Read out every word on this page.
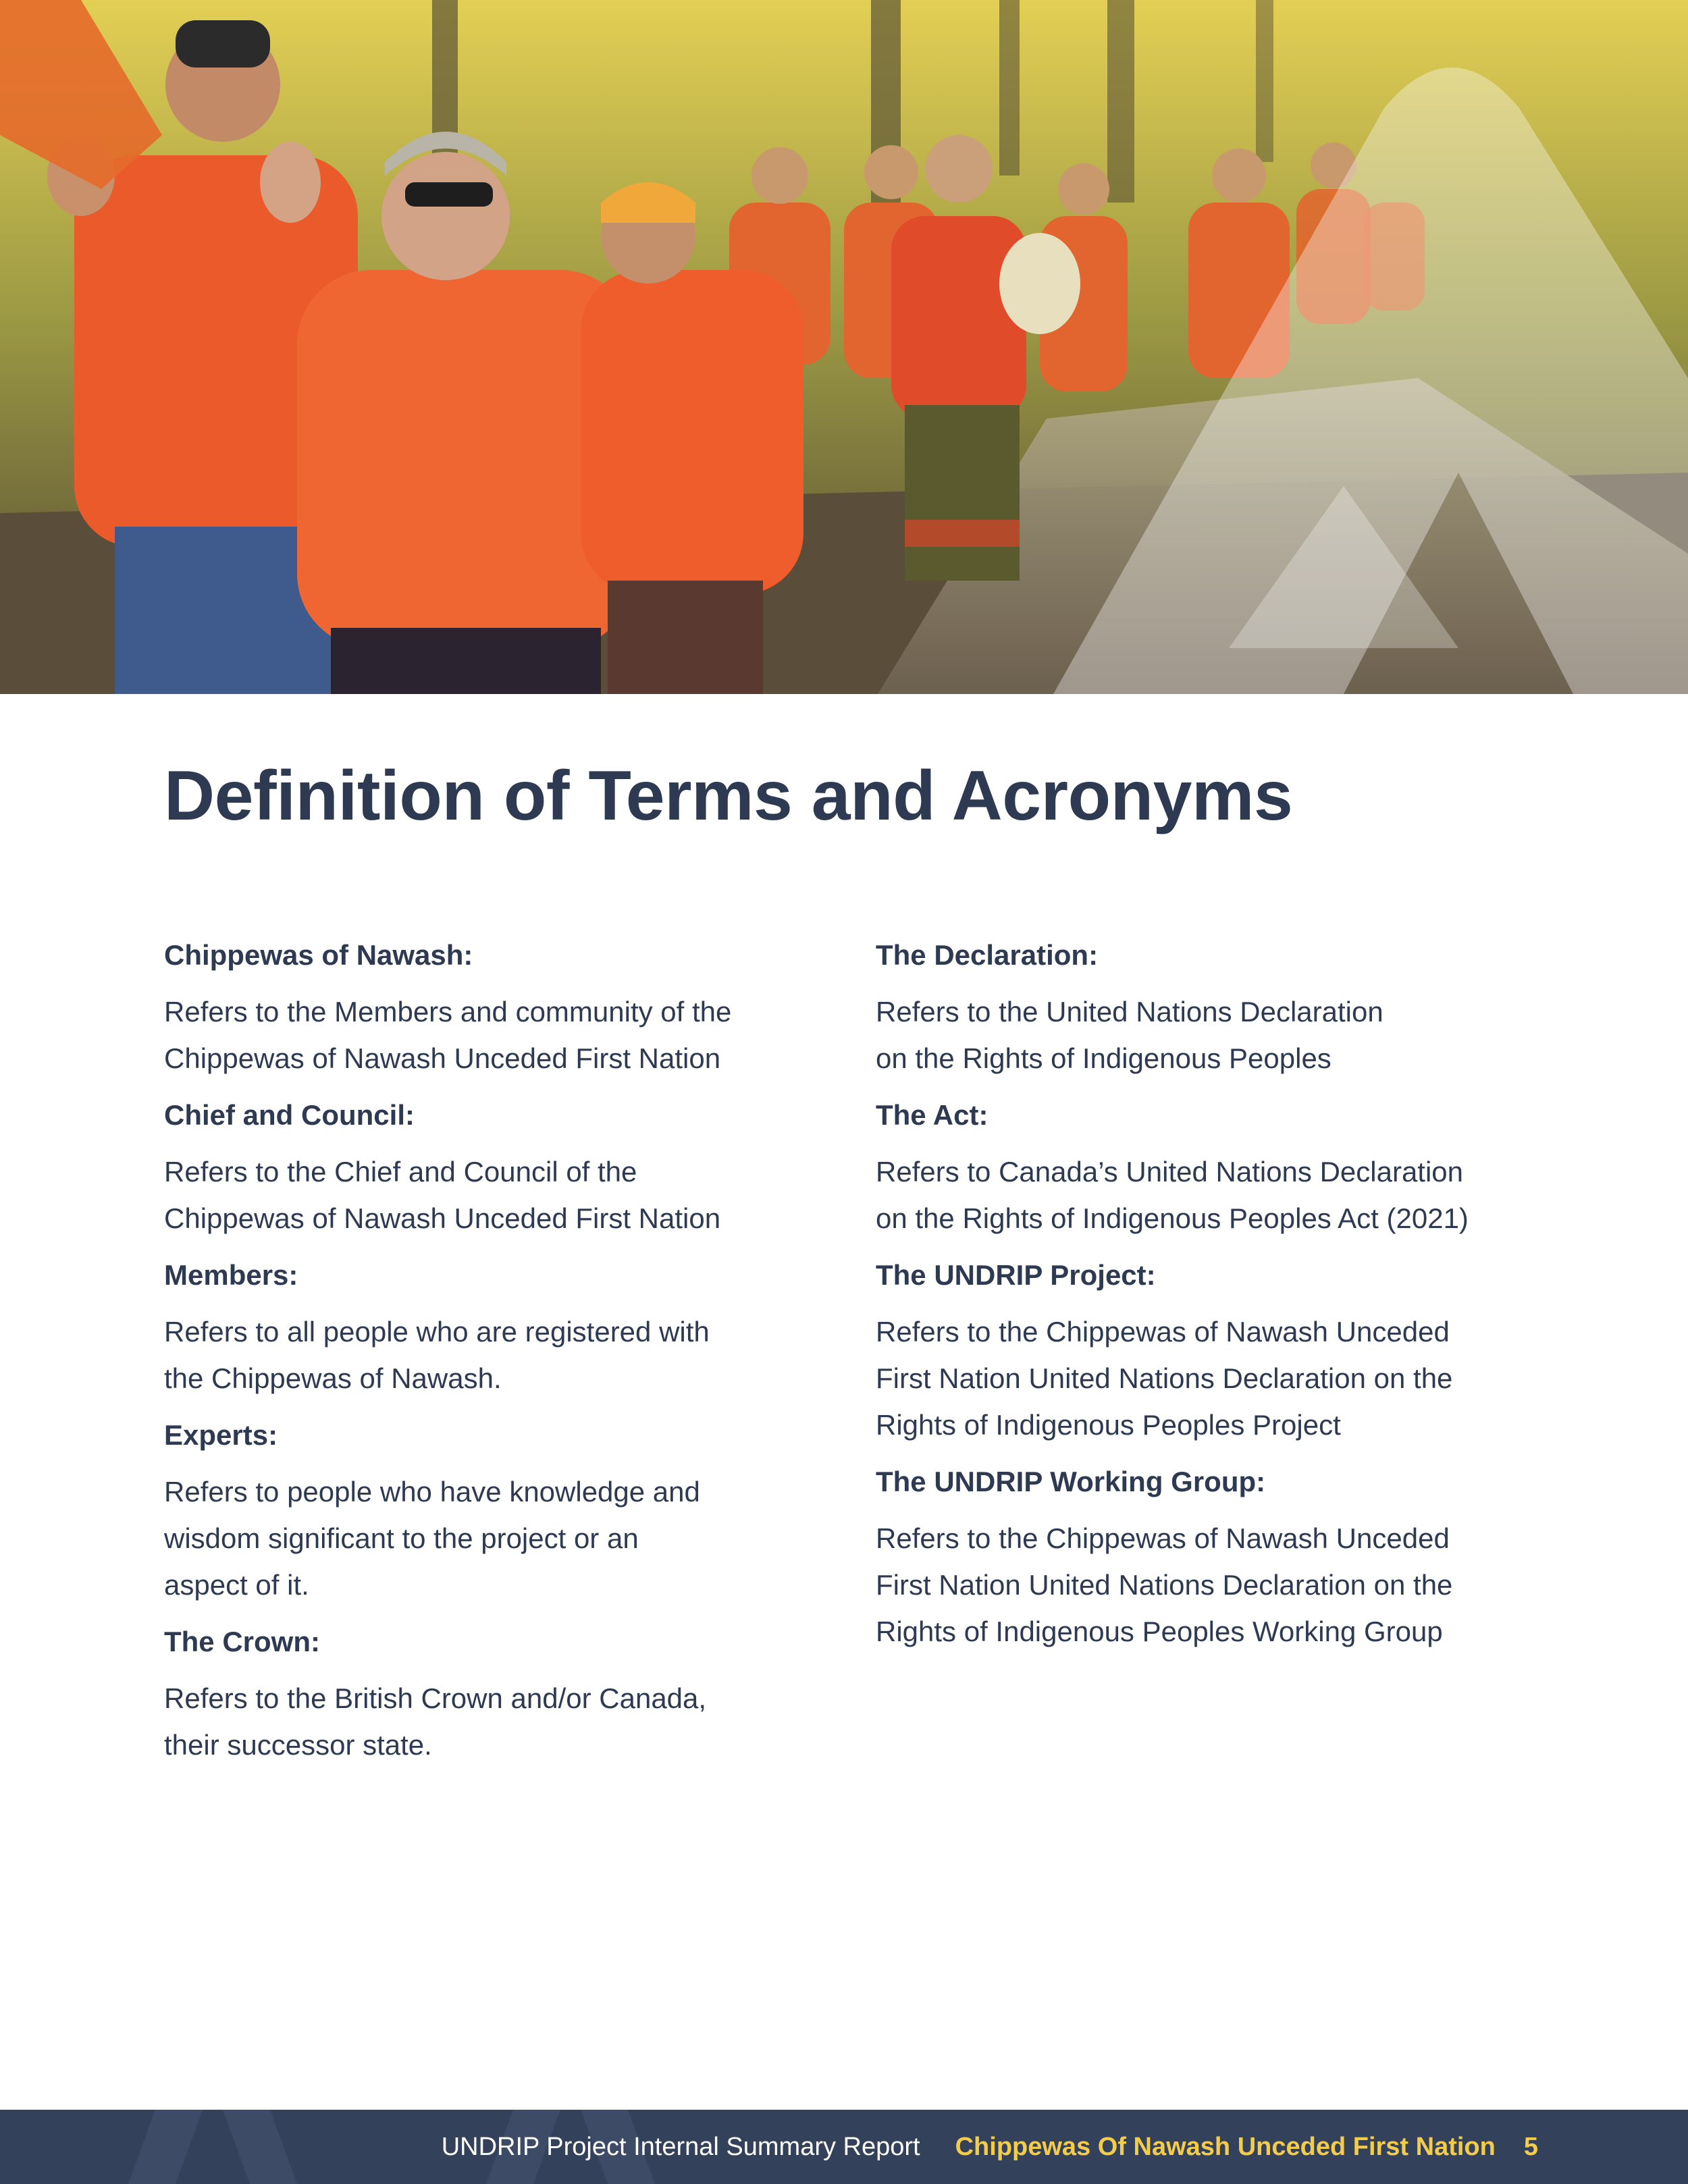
Definition of Terms and Acronyms

Chippewas of Nawash:

Refers to the Members and community of the
Chippewas of Nawash Unceded First Nation

Chief and Council:

Refers to the Chief and Council of the
Chippewas of Nawash Unceded First Nation

Members:

Refers to all people who are registered with
the Chippewas of Nawash.

Experts:

Refers to people who have knowledge and
wisdom significant to the project or an
aspect of it.

The Crown:

Refers to the British Crown and/or Canada,
their successor state.

The Declaration:

Refers to the United Nations Declaration
on the Rights of Indigenous Peoples

The Act:

Refers to Canada’s United Nations Declaration
on the Rights of Indigenous Peoples Act (2021)

The UNDRIP Project:

Refers to the Chippewas of Nawash Unceded
First Nation United Nations Declaration on the
Rights of Indigenous Peoples Project

The UNDRIP Working Group:

Refers to the Chippewas of Nawash Unceded
First Nation United Nations Declaration on the
Rights of Indigenous Peoples Working Group

UNDRIP Project Internal Summary Report Chippewas Of Nawash Unceded First Nation 5
